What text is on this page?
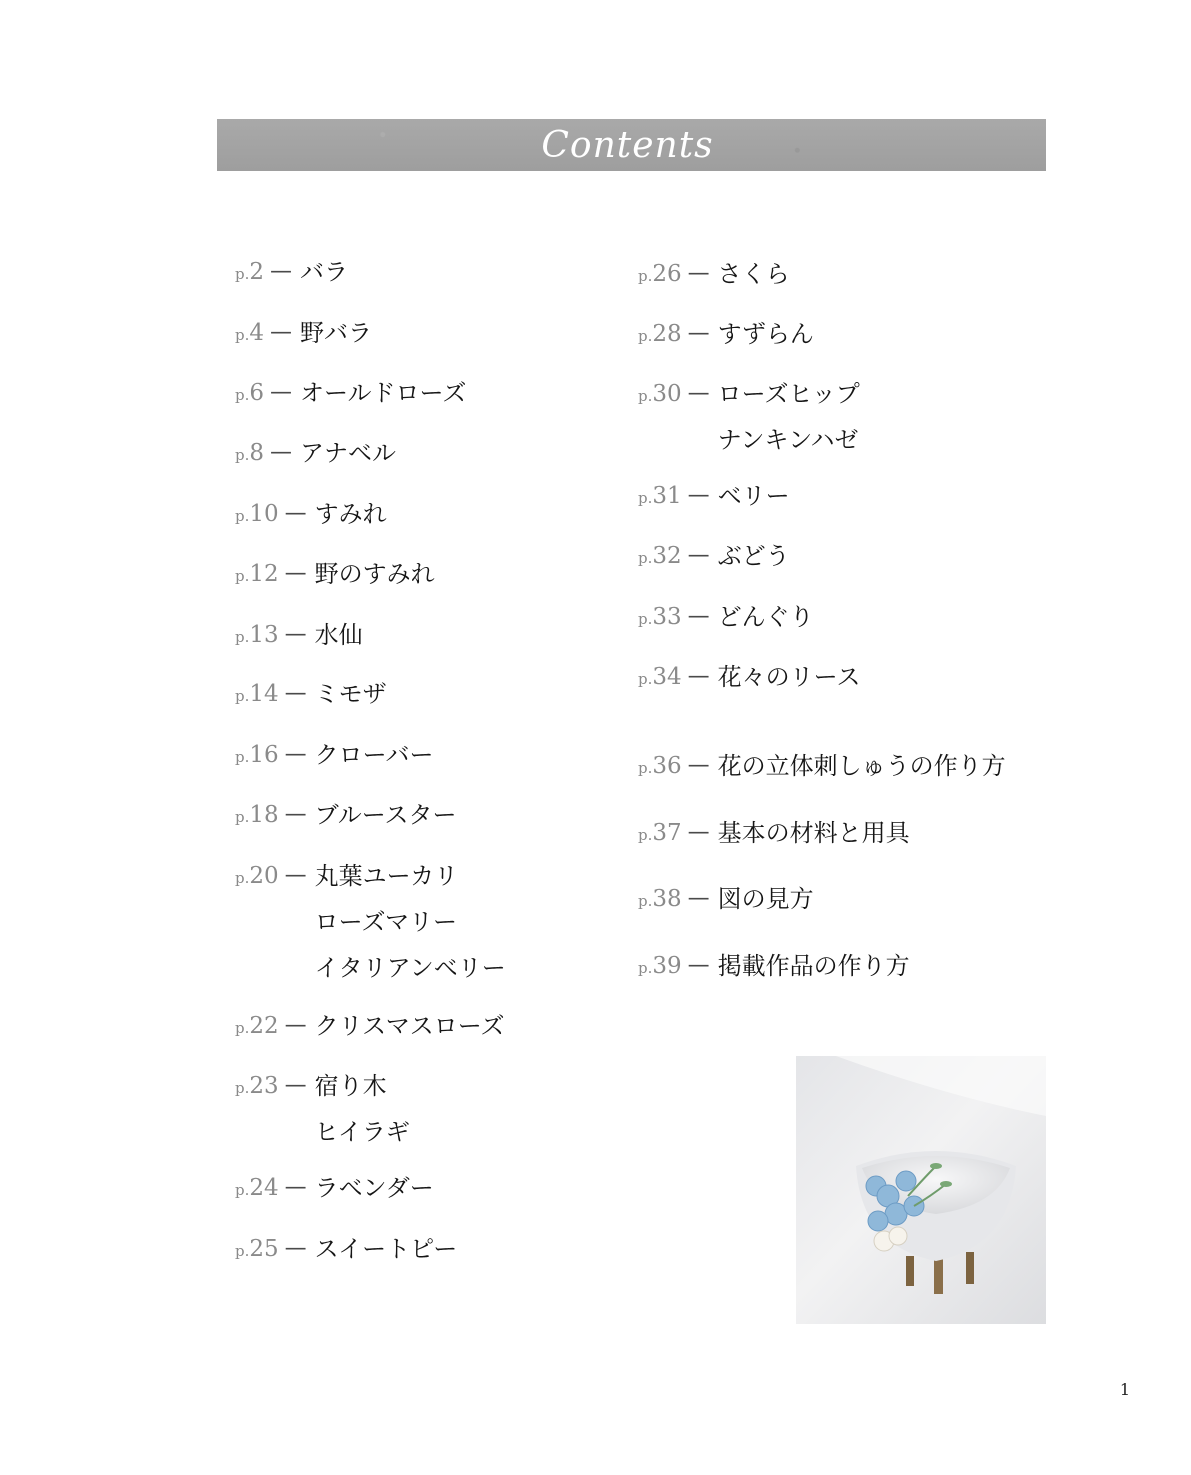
Contents
p.2 — バラ
p.4 — 野バラ
p.6 — オールドローズ
p.8 — アナベル
p.10 — すみれ
p.12 — 野のすみれ
p.13 — 水仙
p.14 — ミモザ
p.16 — クローバー
p.18 — ブルースター
p.20 — 丸葉ユーカリ
ローズマリー
イタリアンベリー
p.22 — クリスマスローズ
p.23 — 宿り木
ヒイラギ
p.24 — ラベンダー
p.25 — スイートピー
p.26 — さくら
p.28 — すずらん
p.30 — ローズヒップ
ナンキンハゼ
p.31 — ベリー
p.32 — ぶどう
p.33 — どんぐり
p.34 — 花々のリース
p.36 — 花の立体刺しゅうの作り方
p.37 — 基本の材料と用具
p.38 — 図の見方
p.39 — 掲載作品の作り方
1
